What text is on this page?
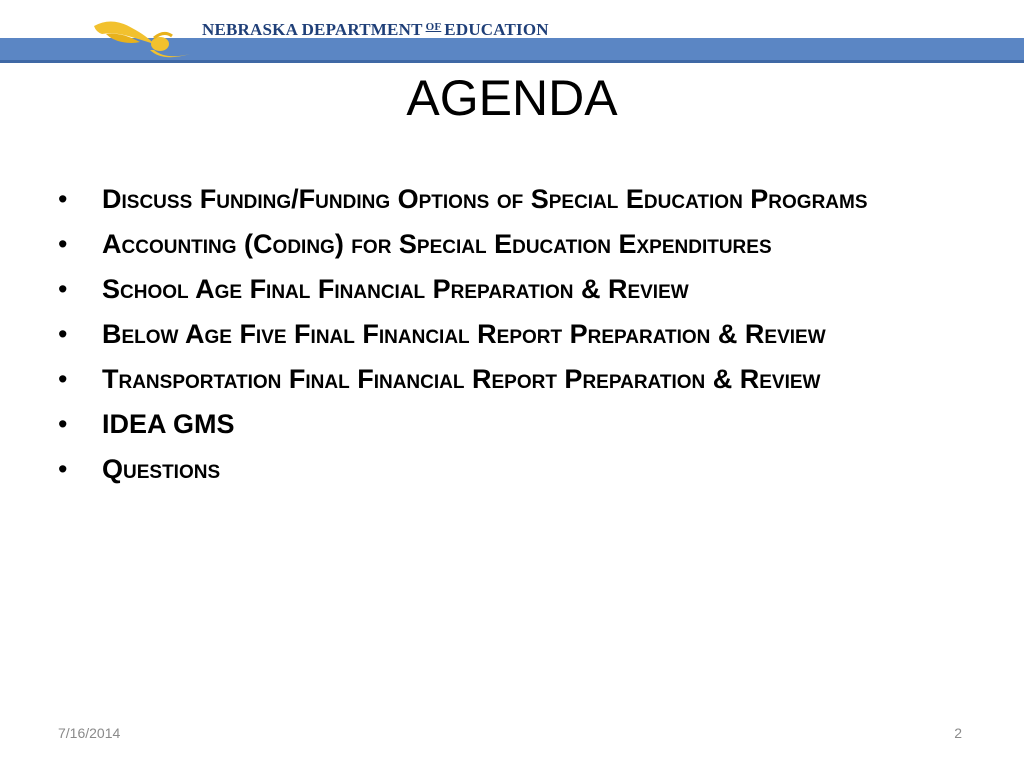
NEBRASKA DEPARTMENT $^{OF}$ EDUCATION
AGENDA
• Discuss Funding/Funding Options of Special Education Programs
• Accounting (Coding) for Special Education Expenditures
• School Age Final Financial Preparation & Review
• Below Age Five Final Financial Report Preparation & Review
• Transportation Final Financial Report Preparation & Review
• IDEA GMS
• Questions
7/16/2014	2
